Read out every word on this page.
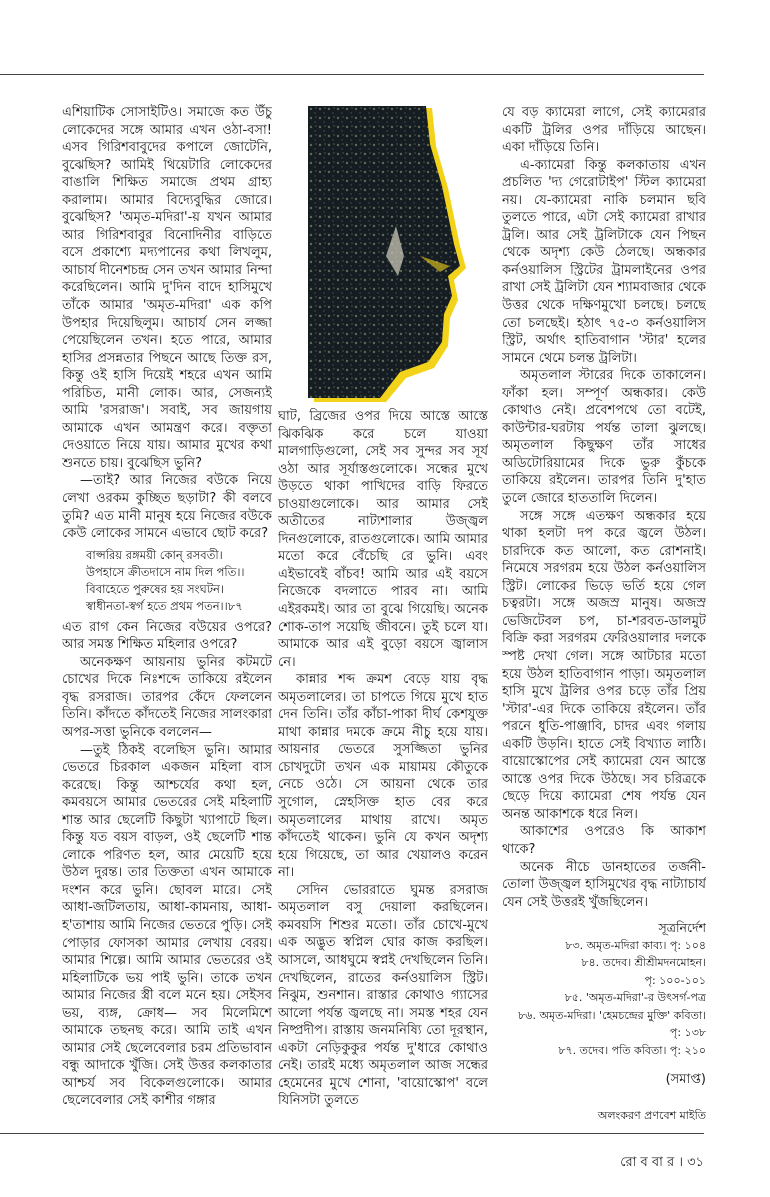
এশিয়াটিক সোসাইটিও। সমাজে কত উঁচু লোকেদের সঙ্গে আমার এখন ওঠা-বসা! এসব গিরিশবাবুদের কপালে জোটেনি, বুঝেছিস? আমিই থিয়েটারি লোকেদের বাঙালি শিক্ষিত সমাজে প্রথম গ্রাহ্য করালাম। আমার বিদ্যেবুদ্ধির জোরে। বুঝেছিস? 'অমৃত-মদিরা'-য় যখন আমার আর গিরিশবাবুর বিনোদিনীর বাড়িতে বসে প্রকাশ্যে মদ্যপানের কথা লিখলুম, আচার্য দীনেশচন্দ্র সেন তখন আমার নিন্দা করেছিলেন। আমি দু'দিন বাদে হাসিমুখে তাঁকে আমার 'অমৃত-মদিরা' এক কপি উপহার দিয়েছিলুম। আচার্য সেন লজ্জা পেয়েছিলেন তখন। হতে পারে, আমার হাসির প্রসন্নতার পিছনে আছে তিক্ত রস, কিন্তু ওই হাসি দিয়েই শহরে এখন আমি পরিচিত, মানী লোক। আর, সেজন্যই আমি 'রসরাজ'। সবাই, সব জায়গায় আমাকে এখন আমন্ত্রণ করে। বক্তৃতা দেওয়াতে নিয়ে যায়। আমার মুখের কথা শুনতে চায়। বুঝেছিস ভুনি?

—তাই? আর নিজের বউকে নিয়ে লেখা ওরকম কুচ্ছিত ছড়াটা? কী বলবে তুমি? এত মানী মানুষ হয়ে নিজের বউকে কেউ লোকের সামনে এভাবে ছোট করে?

বাপ্সরিয় রঙ্গময়ী কোন্ রসবতী।
উপহাসে ক্রীতদাসে নাম দিল পতি।।
বিবাহেতে পুরুষের হয় সংঘটন।
স্বাধীনতা-স্বর্গ হতে প্রথম পতন।।৮৭

এত রাগ কেন নিজের বউয়ের ওপরে? আর সমস্ত শিক্ষিত মহিলার ওপরে?

অনেকক্ষণ আয়নায় ভুনির কটমটে চোখের দিকে নিঃশব্দে তাকিয়ে রইলেন বৃদ্ধ রসরাজ। তারপর কেঁদে ফেললেন তিনি। কাঁদতে কাঁদতেই নিজের সালংকারা অপর-সত্তা ভুনিকে বললেন—

—তুই ঠিকই বলেছিস ভুনি। আমার ভেতরে চিরকাল একজন মহিলা বাস করেছে। কিন্তু আশ্চর্যের কথা হল, কমবয়সে আমার ভেতরের সেই মহিলাটি শান্ত আর ছেলেটি কিছুটা খ্যাপাটে ছিল। কিন্তু যত বয়স বাড়ল, ওই ছেলেটি শান্ত লোকে পরিণত হল, আর মেয়েটি হয়ে উঠল দুরন্ত। তার তিক্ততা এখন আমাকে দংশন করে ভুনি। ছোবল মারে। সেই আধা-জটিলতায়, আধা-কামনায়, আধা-হ'তাশায় আমি নিজের ভেতরে পুড়ি। সেই পোড়ার ফোসকা আমার লেখায় বেরয়। আমার শিল্পে। আমি আমার ভেতরের ওই মহিলাটিকে ভয় পাই ভুনি। তাকে তখন আমার নিজের স্ত্রী বলে মনে হয়। সেইসব ভয়, ব্যঙ্গ, ক্রোধ— সব মিলেমিশে আমাকে তছনছ করে। আমি তাই এখন আমার সেই ছেলেবেলার চরম প্রতিভাবান বন্ধু আদাকে খুঁজি। সেই উত্তর কলকাতার আশ্চর্য সব বিকেলগুলোকে। আমার ছেলেবেলার সেই কাশীর গঙ্গার

ঘাট, ব্রিজের ওপর দিয়ে আস্তে আস্তে ঝিকঝিক করে চলে যাওয়া মালগাড়িগুলো, সেই সব সুন্দর সব সূর্য ওঠা আর সূর্যাস্তগুলোকে। সন্ধের মুখে উড়তে থাকা পাখিদের বাড়ি ফিরতে চাওয়াগুলোকে। আর আমার সেই অতীতের নাট্যশালার উজ্জ্বল দিনগুলোকে, রাতগুলোকে। আমি আমার মতো করে বেঁচেছি রে ভুনি। এবং এইভাবেই বাঁচব! আমি আর এই বয়সে নিজেকে বদলাতে পারব না। আমি এইরকমই। আর তা বুঝে গিয়েছি। অনেক শোক-তাপ সয়েছি জীবনে। তুই চলে যা। আমাকে আর এই বুড়ো বয়সে জ্বালাস নে।

কান্নার শব্দ ক্রমশ বেড়ে যায় বৃদ্ধ অমৃতলালের। তা চাপতে গিয়ে মুখে হাত দেন তিনি। তাঁর কাঁচা-পাকা দীর্ঘ কেশযুক্ত মাথা কান্নার দমকে ক্রমে নীচু হয়ে যায়। আয়নার ভেতরে সুসজ্জিতা ভুনির চোখদুটো তখন এক মায়াময় কৌতুকে নেচে ওঠে। সে আয়না থেকে তার সুগোল, স্নেহসিক্ত হাত বের করে অমৃতলালের মাথায় রাখে। অমৃত কাঁদতেই থাকেন। ভুনি যে কখন অদৃশ্য হয়ে গিয়েছে, তা আর খেয়ালও করেন না।

সেদিন ভোররাতে ঘুমন্ত রসরাজ অমৃতলাল বসু দেয়ালা করছিলেন। কমবয়সি শিশুর মতো। তাঁর চোখে-মুখে এক অদ্ভুত স্বপ্নিল ঘোর কাজ করছিল। আসলে, আধঘুমে স্বপ্নই দেখছিলেন তিনি। দেখছিলেন, রাতের কর্নওয়ালিস স্ট্রিট। নিঝুম, শুনশান। রাস্তার কোথাও গ্যাসের আলো পর্যন্ত জ্বলছে না। সমস্ত শহর যেন নিষ্প্রদীপ। রাস্তায় জনমনিষ্যি তো দূরস্থান, একটা নেড়িকুকুর পর্যন্ত দু'ধারে কোথাও নেই। তারই মধ্যে অমৃতলাল আজ সন্ধের হেমেনের মুখে শোনা, 'বায়োস্কোপ' বলে যিনিসটা তুলতে

যে বড় ক্যামেরা লাগে, সেই ক্যামেরার একটি ট্রলির ওপর দাঁড়িয়ে আছেন। একা দাঁড়িয়ে তিনি।

এ-ক্যামেরা কিন্তু কলকাতায় এখন প্রচলিত 'দ্য গেরোটাইপ' স্টিল ক্যামেরা নয়। যে-ক্যামেরা নাকি চলমান ছবি তুলতে পারে, এটা সেই ক্যামেরা রাখার ট্রলি। আর সেই ট্রলিটাকে যেন পিছন থেকে অদৃশ্য কেউ ঠেলছে। অন্ধকার কর্নওয়ালিস স্ট্রিটের ট্রামলাইনের ওপর রাখা সেই ট্রলিটা যেন শ্যামবাজার থেকে উত্তর থেকে দক্ষিণমুখো চলছে। চলছে তো চলছেই। হঠাৎ ৭৫-৩ কর্নওয়ালিস স্ট্রিট, অর্থাৎ হাতিবাগান 'স্টার' হলের সামনে থেমে চলন্ত ট্রলিটা।

অমৃতলাল স্টারের দিকে তাকালেন। ফাঁকা হল। সম্পূর্ণ অন্ধকার। কেউ কোথাও নেই। প্রবেশপথে তো বটেই, কাউন্টার-ঘরটায় পর্যন্ত তালা ঝুলছে। অমৃতলাল কিছুক্ষণ তাঁর সাধের অডিটোরিয়ামের দিকে ভুরু কুঁচকে তাকিয়ে রইলেন। তারপর তিনি দু'হাত তুলে জোরে হাততালি দিলেন।

সঙ্গে সঙ্গে এতক্ষণ অন্ধকার হয়ে থাকা হলটা দপ করে জ্বলে উঠল। চারদিকে কত আলো, কত রোশনাই। নিমেষে সরগরম হয়ে উঠল কর্নওয়ালিস স্ট্রিট। লোকের ভিড়ে ভর্তি হয়ে গেল চত্বরটা। সঙ্গে অজস্র মানুষ। অজস্র ভেজিটেবল চপ, চা-শরবত-ডালমুট বিক্রি করা সরগরম ফেরিওয়ালার দলকে স্পষ্ট দেখা গেল। সঙ্গে আটচার মতো হয়ে উঠল হাতিবাগান পাড়া। অমৃতলাল হাসি মুখে ট্রলির ওপর চড়ে তাঁর প্রিয় 'স্টার'-এর দিকে তাকিয়ে রইলেন। তাঁর পরনে ধুতি-পাঞ্জাবি, চাদর এবং গলায় একটি উড়নি। হাতে সেই বিখ্যাত লাঠি। বায়োস্কোপের সেই ক্যামেরা যেন আস্তে আস্তে ওপর দিকে উঠছে। সব চরিত্রকে ছেড়ে দিয়ে ক্যামেরা শেষ পর্যন্ত যেন অনন্ত আকাশকে ধরে নিল।

আকাশের ওপরেও কি আকাশ থাকে?

অনেক নীচে ডানহাতের তর্জনী-তোলা উজ্জ্বল হাসিমুখের বৃদ্ধ নাট্যাচার্য যেন সেই উত্তরই খুঁজছিলেন।

সূত্রনির্দেশ
৮৩. অমৃত-মদিরা কাব্য। পৃ: ১০৪
৮৪. তদেব। শ্রীশ্রীমদনমোহন।
পৃ: ১০০-১০১
৮৫. 'অমৃত-মদিরা'-র উৎসর্গ-পত্র
৮৬. অমৃত-মদিরা। 'হেমচন্দ্রের মুক্তি' কবিতা।
পৃ: ১৩৮
৮৭. তদেব। পতি কবিতা। পৃ: ২১০
(সমাপ্ত)
অলংকরণ প্রণবেশ মাইতি
রো ব বা র । ৩১
